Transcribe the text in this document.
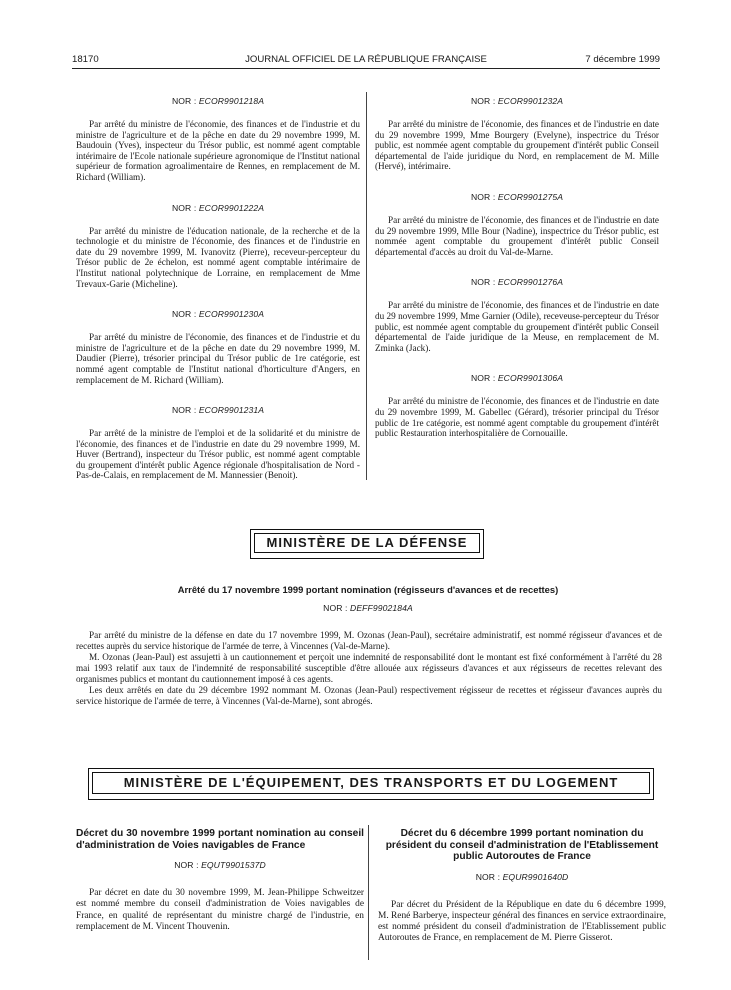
18170	JOURNAL OFFICIEL DE LA RÉPUBLIQUE FRANÇAISE	7 décembre 1999

NOR : ECOR9901218A

Par arrêté du ministre de l'économie, des finances et de l'industrie et du ministre de l'agriculture et de la pêche en date du 29 novembre 1999, M. Baudouin (Yves), inspecteur du Trésor public, est nommé agent comptable intérimaire de l'Ecole nationale supérieure agronomique de l'Institut national supérieur de formation agroalimentaire de Rennes, en remplacement de M. Richard (William).

NOR : ECOR9901222A

Par arrêté du ministre de l'éducation nationale, de la recherche et de la technologie et du ministre de l'économie, des finances et de l'industrie en date du 29 novembre 1999, M. Ivanovitz (Pierre), receveur-percepteur du Trésor public de 2e échelon, est nommé agent comptable intérimaire de l'Institut national polytechnique de Lorraine, en remplacement de Mme Trevaux-Garie (Micheline).

NOR : ECOR9901230A

Par arrêté du ministre de l'économie, des finances et de l'industrie et du ministre de l'agriculture et de la pêche en date du 29 novembre 1999, M. Daudier (Pierre), trésorier principal du Trésor public de 1re catégorie, est nommé agent comptable de l'Institut national d'horticulture d'Angers, en remplacement de M. Richard (William).

NOR : ECOR9901231A

Par arrêté de la ministre de l'emploi et de la solidarité et du ministre de l'économie, des finances et de l'industrie en date du 29 novembre 1999, M. Huver (Bertrand), inspecteur du Trésor public, est nommé agent comptable du groupement d'intérêt public Agence régionale d'hospitalisation de Nord - Pas-de-Calais, en remplacement de M. Mannessier (Benoit).

NOR : ECOR9901232A

Par arrêté du ministre de l'économie, des finances et de l'industrie en date du 29 novembre 1999, Mme Bourgery (Evelyne), inspectrice du Trésor public, est nommée agent comptable du groupement d'intérêt public Conseil départemental de l'aide juridique du Nord, en remplacement de M. Mille (Hervé), intérimaire.

NOR : ECOR9901275A

Par arrêté du ministre de l'économie, des finances et de l'industrie en date du 29 novembre 1999, Mlle Bour (Nadine), inspectrice du Trésor public, est nommée agent comptable du groupement d'intérêt public Conseil départemental d'accès au droit du Val-de-Marne.

NOR : ECOR9901276A

Par arrêté du ministre de l'économie, des finances et de l'industrie en date du 29 novembre 1999, Mme Garnier (Odile), receveuse-percepteur du Trésor public, est nommée agent comptable du groupement d'intérêt public Conseil départemental de l'aide juridique de la Meuse, en remplacement de M. Zminka (Jack).

NOR : ECOR9901306A

Par arrêté du ministre de l'économie, des finances et de l'industrie en date du 29 novembre 1999, M. Gabellec (Gérard), trésorier principal du Trésor public de 1re catégorie, est nommé agent comptable du groupement d'intérêt public Restauration interhospitalière de Cornouaille.

MINISTÈRE DE LA DÉFENSE
Arrêté du 17 novembre 1999 portant nomination (régisseurs d'avances et de recettes)

NOR : DEFF9902184A

Par arrêté du ministre de la défense en date du 17 novembre 1999, M. Ozonas (Jean-Paul), secrétaire administratif, est nommé régisseur d'avances et de recettes auprès du service historique de l'armée de terre, à Vincennes (Val-de-Marne).

M. Ozonas (Jean-Paul) est assujetti à un cautionnement et perçoit une indemnité de responsabilité dont le montant est fixé conformément à l'arrêté du 28 mai 1993 relatif aux taux de l'indemnité de responsabilité susceptible d'être allouée aux régisseurs d'avances et aux régisseurs de recettes relevant des organismes publics et montant du cautionnement imposé à ces agents.

Les deux arrêtés en date du 29 décembre 1992 nommant M. Ozonas (Jean-Paul) respectivement régisseur de recettes et régisseur d'avances auprès du service historique de l'armée de terre, à Vincennes (Val-de-Marne), sont abrogés.

MINISTÈRE DE L'ÉQUIPEMENT, DES TRANSPORTS ET DU LOGEMENT

Décret du 30 novembre 1999 portant nomination au conseil d'administration de Voies navigables de France

NOR : EQUT9901537D

Par décret en date du 30 novembre 1999, M. Jean-Philippe Schweitzer est nommé membre du conseil d'administration de Voies navigables de France, en qualité de représentant du ministre chargé de l'industrie, en remplacement de M. Vincent Thouvenin.

Décret du 6 décembre 1999 portant nomination du président du conseil d'administration de l'Etablissement public Autoroutes de France

NOR : EQUR9901640D

Par décret du Président de la République en date du 6 décembre 1999, M. René Barberye, inspecteur général des finances en service extraordinaire, est nommé président du conseil d'administration de l'Etablissement public Autoroutes de France, en remplacement de M. Pierre Gisserot.
